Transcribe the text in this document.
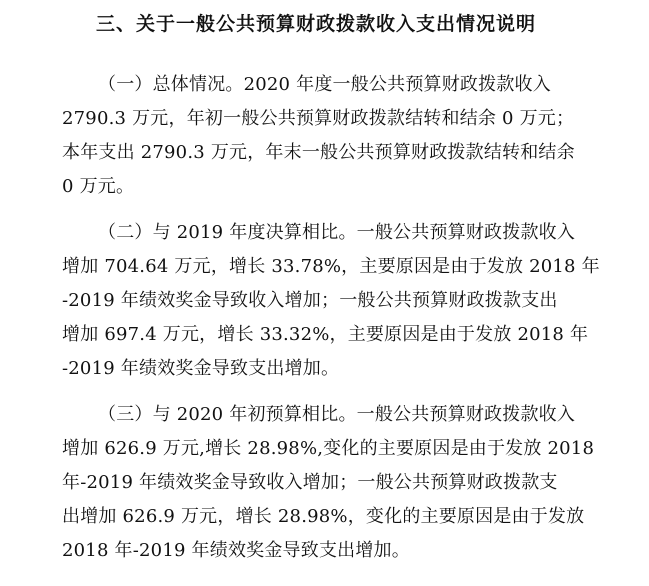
三、关于一般公共预算财政拨款收入支出情况说明
（一）总体情况。2020 年度一般公共预算财政拨款收入
2790.3 万元，年初一般公共预算财政拨款结转和结余 0 万元；
本年支出 2790.3 万元，年末一般公共预算财政拨款结转和结余
0 万元。
（二）与 2019 年度决算相比。一般公共预算财政拨款收入
增加 704.64 万元，增长 33.78%，主要原因是由于发放 2018 年
-2019 年绩效奖金导致收入增加；一般公共预算财政拨款支出
增加 697.4 万元，增长 33.32%，主要原因是由于发放 2018 年
-2019 年绩效奖金导致支出增加。
（三）与 2020 年初预算相比。一般公共预算财政拨款收入
增加 626.9 万元,增长 28.98%,变化的主要原因是由于发放 2018
年-2019 年绩效奖金导致收入增加；一般公共预算财政拨款支
出增加 626.9 万元，增长 28.98%，变化的主要原因是由于发放
2018 年-2019 年绩效奖金导致支出增加。
